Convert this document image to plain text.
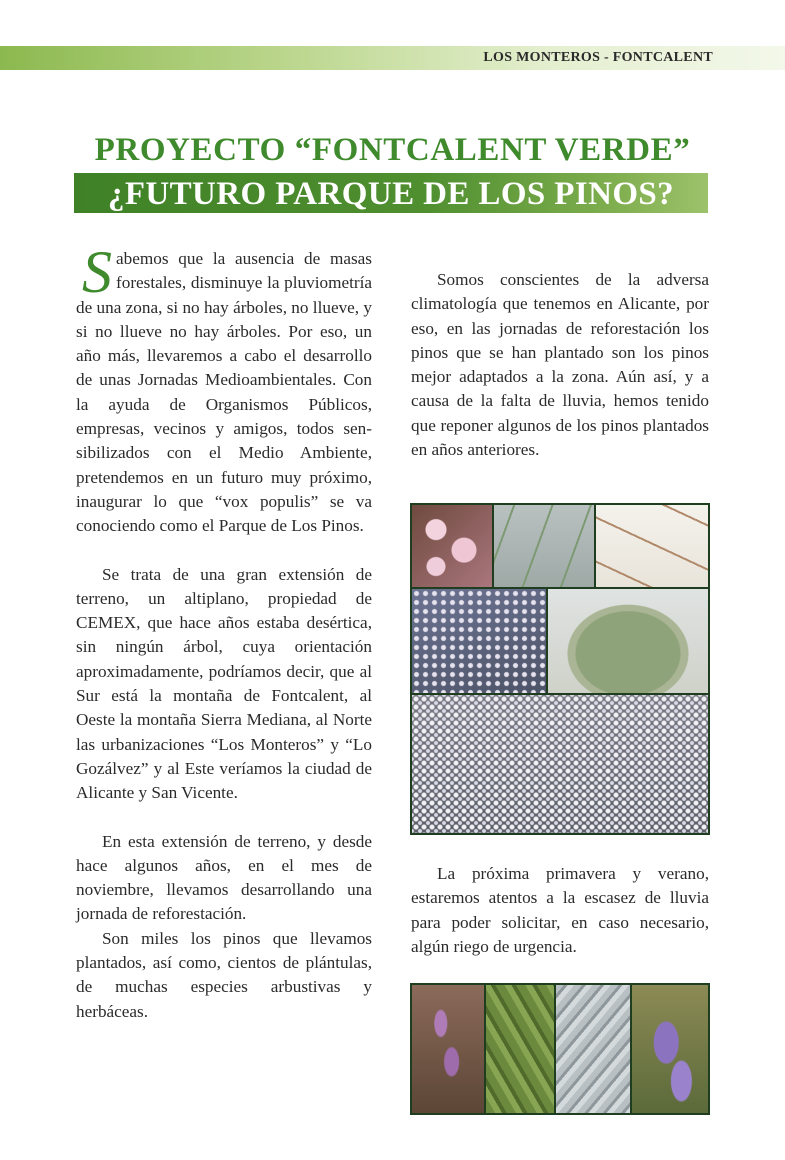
LOS MONTEROS - FONTCALENT
PROYECTO “FONTCALENT VERDE”
¿FUTURO PARQUE DE LOS PINOS?

Sabemos que la ausencia de masas forestales, disminuye la pluviometría de una zona, si no hay árboles, no llueve, y si no llueve no hay árboles. Por eso, un año más, llevaremos a cabo el desarrollo de unas Jornadas Medioambientales. Con la ayuda de Organismos Públicos, empresas, vecinos y amigos, todos sensibilizados con el Medio Ambiente, pretendemos en un futuro muy próximo, inaugurar lo que “vox populis” se va conociendo como el Parque de Los Pinos.

Se trata de una gran extensión de terreno, un altiplano, propiedad de CEMEX, que hace años estaba desértica, sin ningún árbol, cuya orientación aproximadamente, podríamos decir, que al Sur está la montaña de Fontcalent, al Oeste la montaña Sierra Mediana, al Norte las urbanizaciones “Los Monteros” y “Lo Gozálvez” y al Este veríamos la ciudad de Alicante y San Vicente.

En esta extensión de terreno, y desde hace algunos años, en el mes de noviembre, llevamos desarrollando una jornada de reforestación.

Son miles los pinos que llevamos plantados, así como, cientos de plántulas, de muchas especies arbustivas y herbáceas.

Somos conscientes de la adversa climatología que tenemos en Alicante, por eso, en las jornadas de reforestación los pinos que se han plantado son los pinos mejor adaptados a la zona. Aún así, y a causa de la falta de lluvia, hemos tenido que reponer algunos de los pinos plantados en años anteriores.

La próxima primavera y verano, estaremos atentos a la escasez de lluvia para poder solicitar, en caso necesario, algún riego de urgencia.
